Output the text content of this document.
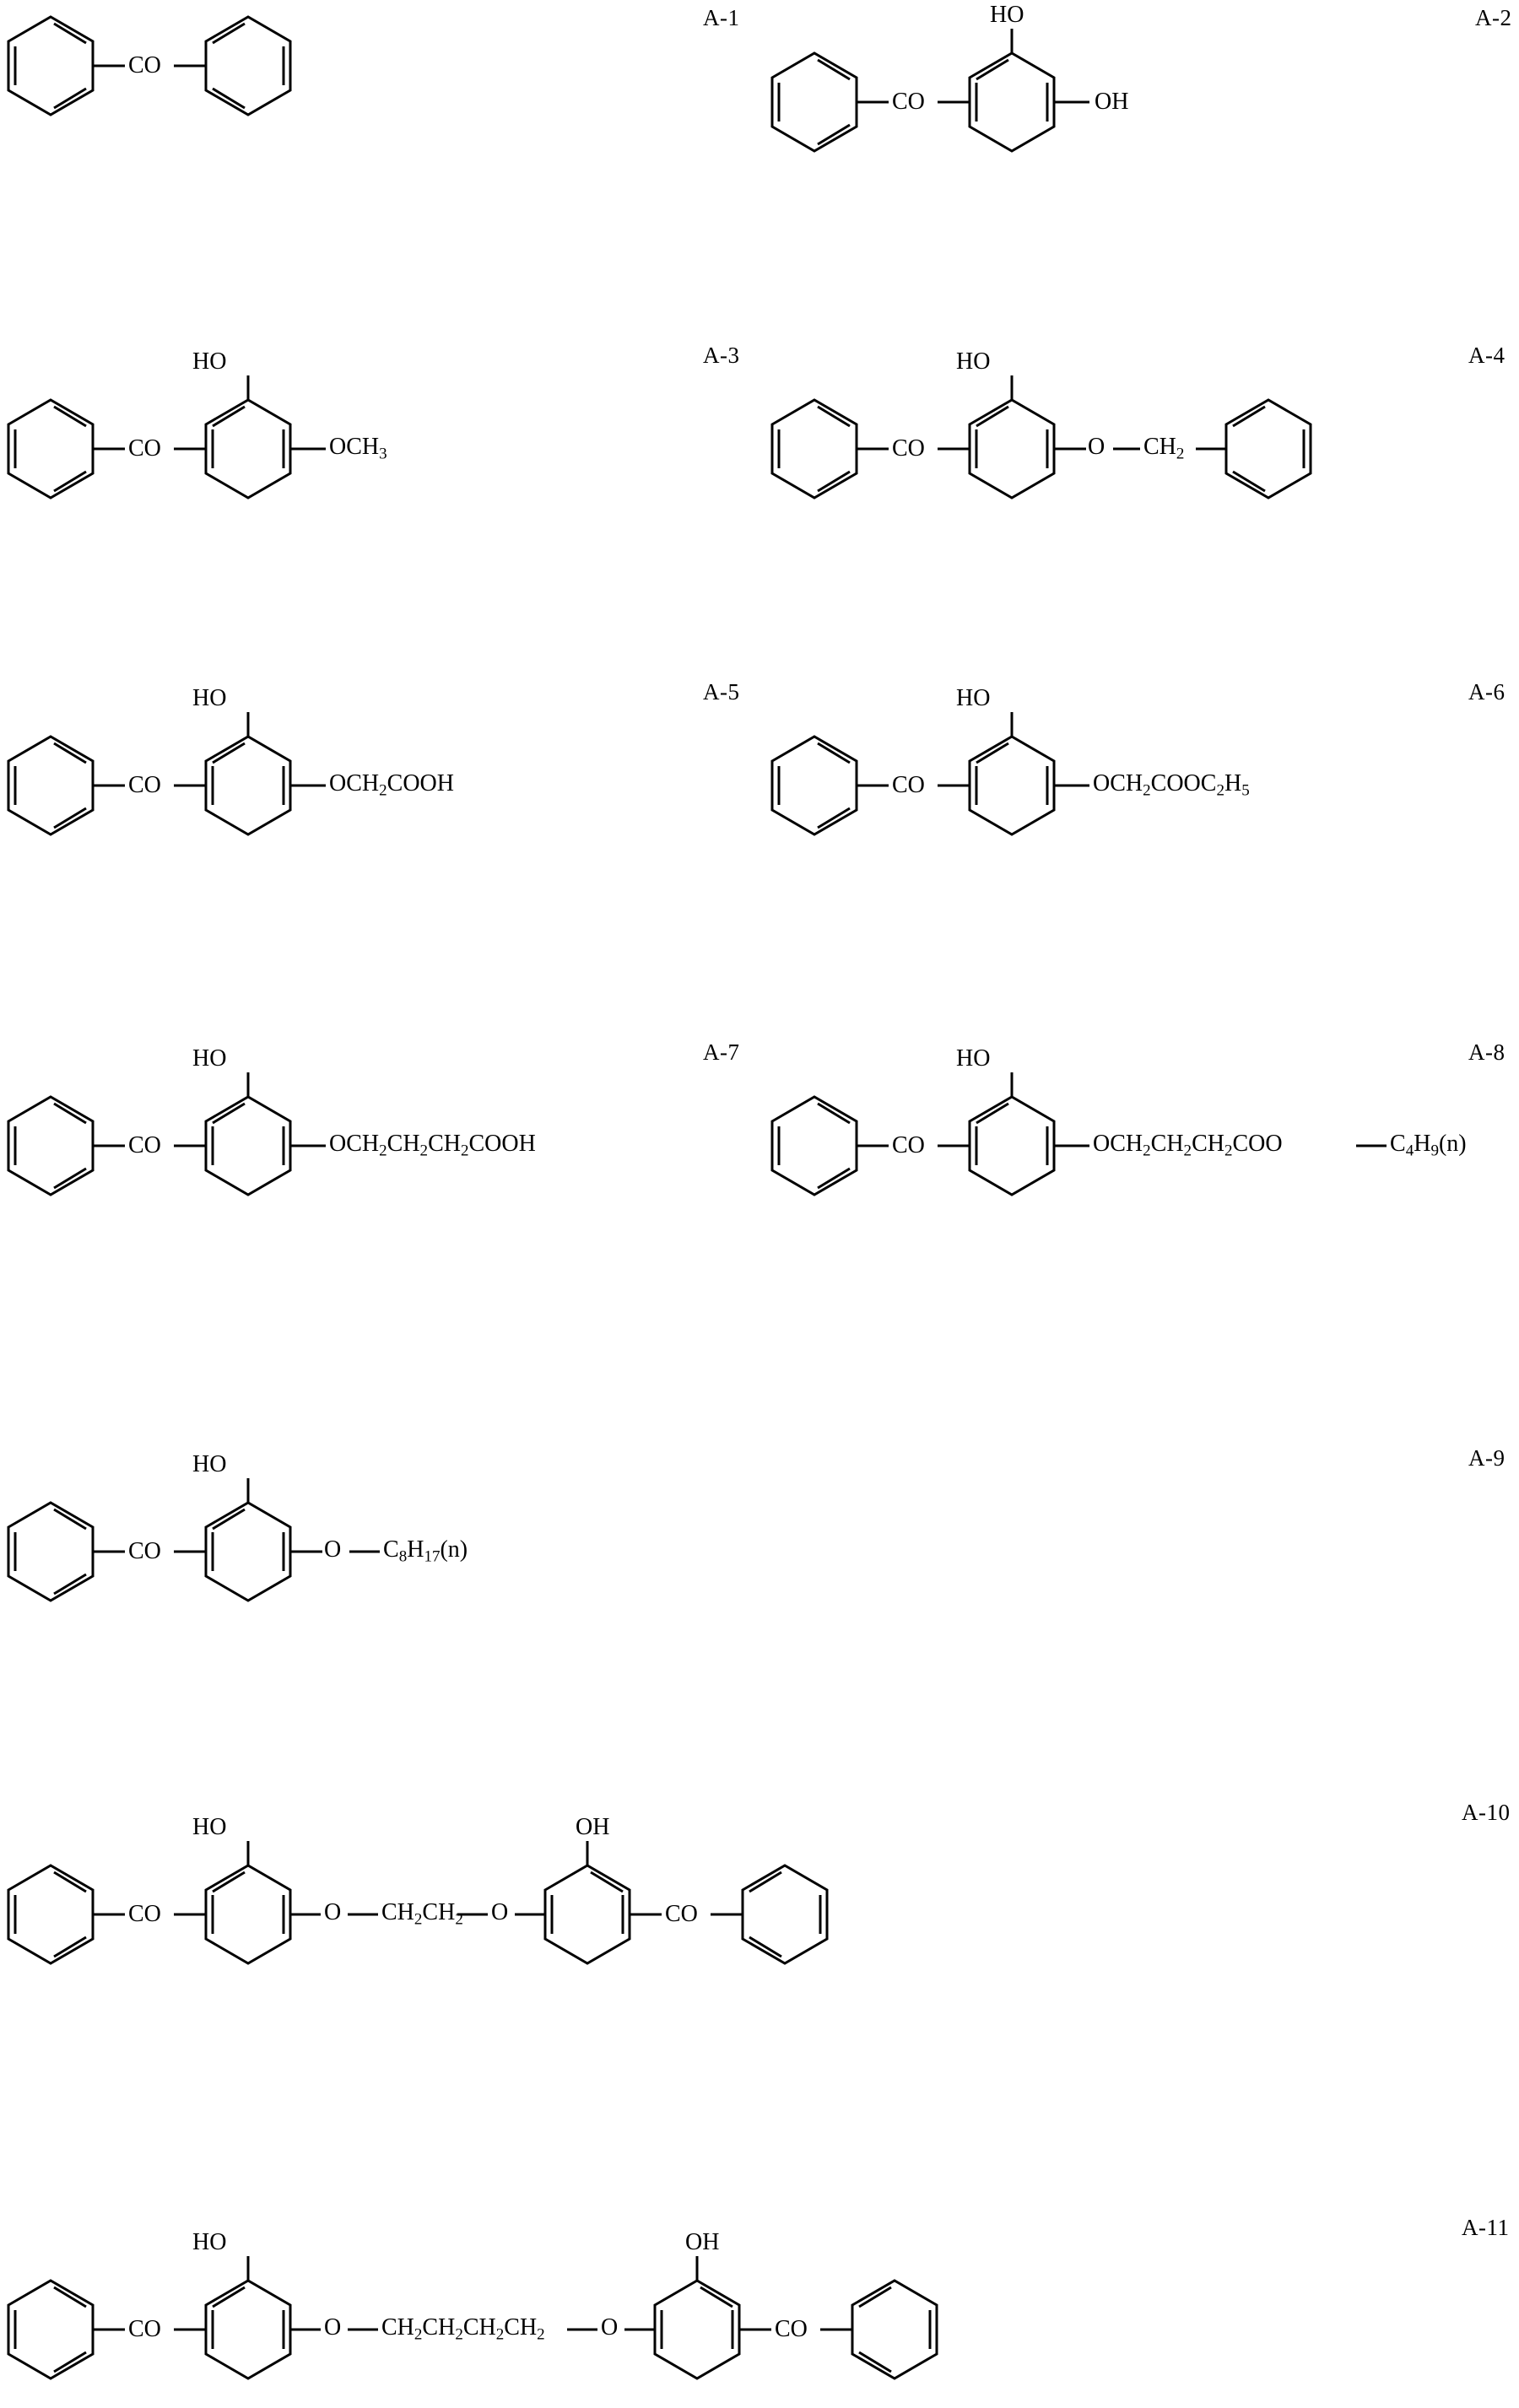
A-1	A-2
CO
CO
HO
OH
A-3	A-4
CO
HO
$OCH_3$	CO
HO
O $CH_2$
A-5	A-6
CO
HO
$OCH_2COOH$	CO
HO
$OCH_2COOC_2H_5$
A-7	A-8
CO
HO
$OCH_2CH_2CH_2COOH$	CO
HO
$OCH_2CH_2CH_2COO$	$C_4H_9(n)$
A-9
CO
HO
O $C_8H_{17}(n)$
A-10
CO
HO
O $CH_2CH_2$ O
OH
CO
A-11
CO
HO
O $CH_2CH_2CH_2CH_2$ O
OH
CO
